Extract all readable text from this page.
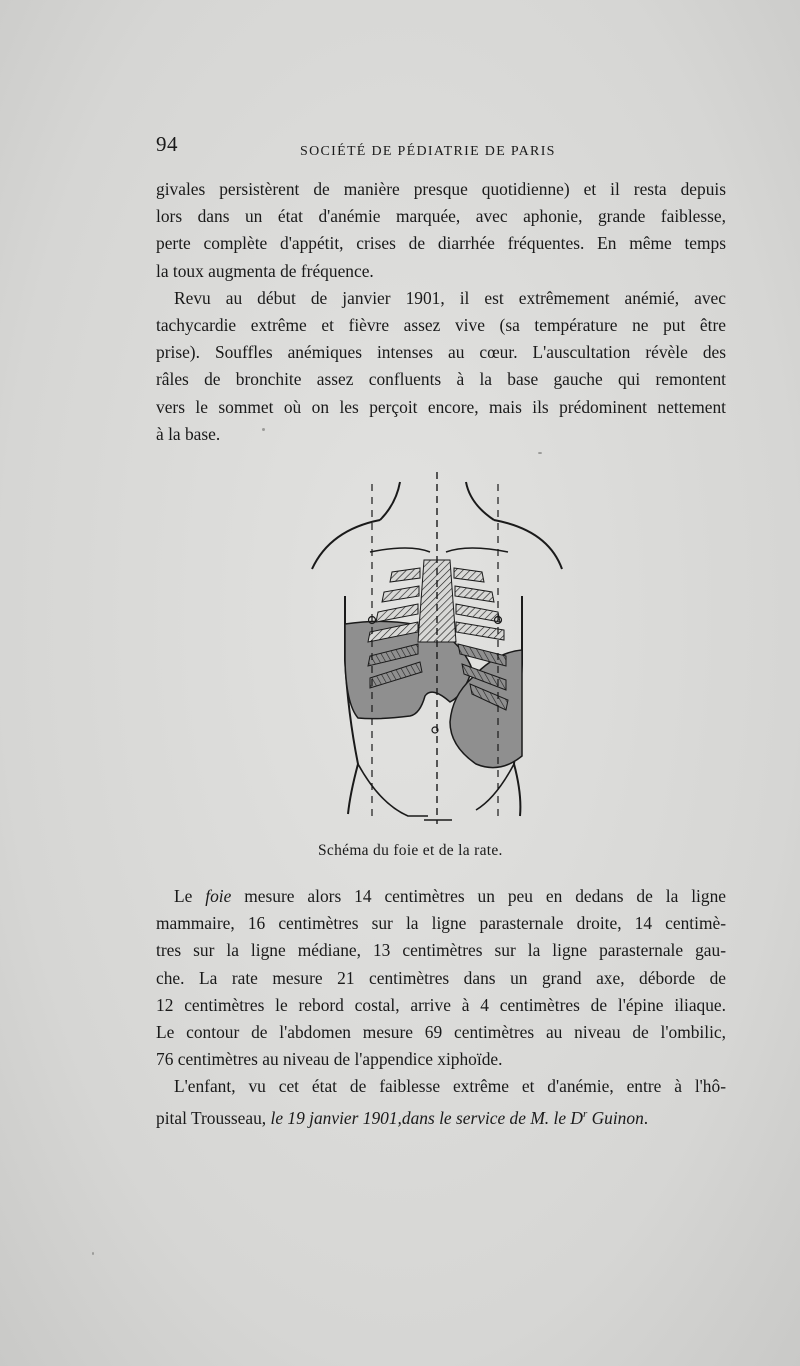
94	SOCIÉTÉ DE PÉDIATRIE DE PARIS
givales persistèrent de manière presque quotidienne) et il resta depuis
lors dans un état d'anémie marquée, avec aphonie, grande faiblesse,
perte complète d'appétit, crises de diarrhée fréquentes. En même temps
la toux augmenta de fréquence.
Revu au début de janvier 1901, il est extrêmement anémié, avec
tachycardie extrême et fièvre assez vive (sa température ne put être
prise). Souffles anémiques intenses au cœur. L'auscultation révèle des
râles de bronchite assez confluents à la base gauche qui remontent
vers le sommet où on les perçoit encore, mais ils prédominent nettement
à la base.
Schéma du foie et de la rate.
Le foie mesure alors 14 centimètres un peu en dedans de la ligne
mammaire, 16 centimètres sur la ligne parasternale droite, 14 centimè-
tres sur la ligne médiane, 13 centimètres sur la ligne parasternale gau-
che. La rate mesure 21 centimètres dans un grand axe, déborde de
12 centimètres le rebord costal, arrive à 4 centimètres de l'épine iliaque.
Le contour de l'abdomen mesure 69 centimètres au niveau de l'ombilic,
76 centimètres au niveau de l'appendice xiphoïde.
L'enfant, vu cet état de faiblesse extrême et d'anémie, entre à l'hô-
pital Trousseau, le 19 janvier 1901,dans le service de M. le $D^r$ Guinon.
